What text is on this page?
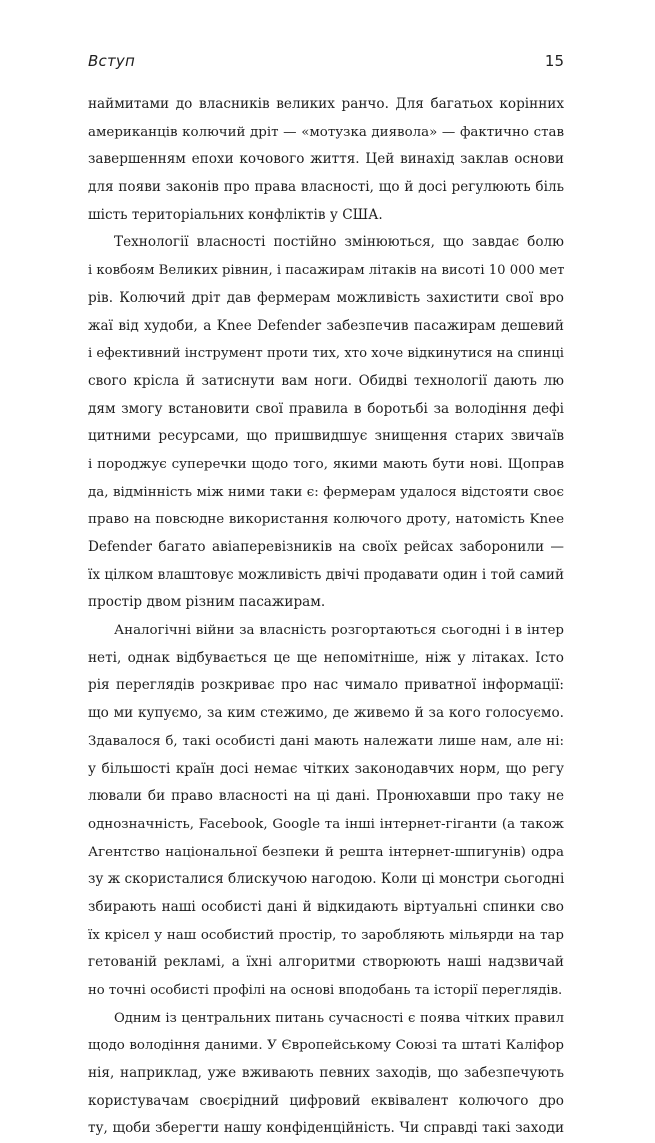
Вступ	15
наймитами до власників великих ранчо. Для багатьох корінних
американців колючий дріт — «мотузка диявола» — фактично став
завершенням епохи кочового життя. Цей винахід заклав основи
для появи законів про права власності, що й досі регулюють біль
шість територіальних конфліктів у США.
Технології власності постійно змінюються, що завдає болю
і ковбоям Великих рівнин, і пасажирам літаків на висоті 10 000 мет
рів. Колючий дріт дав фермерам можливість захистити свої вро
жаї від худоби, а Knee Defender забезпечив пасажирам дешевий
і ефективний інструмент проти тих, хто хоче відкинутися на спинці
свого крісла й затиснути вам ноги. Обидві технології дають лю
дям змогу встановити свої правила в боротьбі за володіння дефі
цитними ресурсами, що пришвидшує знищення старих звичаїв
і породжує суперечки щодо того, якими мають бути нові. Щоправ
да, відмінність між ними таки є: фермерам удалося відстояти своє
право на повсюдне використання колючого дроту, натомість Knee
Defender багато авіаперевізників на своїх рейсах заборонили —
їх цілком влаштовує можливість двічі продавати один і той самий
простір двом різним пасажирам.
Аналогічні війни за власність розгортаються сьогодні і в інтер
неті, однак відбувається це ще непомітніше, ніж у літаках. Істо
рія переглядів розкриває про нас чимало приватної інформації:
що ми купуємо, за ким стежимо, де живемо й за кого голосуємо.
Здавалося б, такі особисті дані мають належати лише нам, але ні:
у більшості країн досі немає чітких законодавчих норм, що регу
лювали би право власності на ці дані. Пронюхавши про таку не
однозначність, Facebook, Google та інші інтернет-гіганти (а також
Агентство національної безпеки й решта інтернет-шпигунів) одра
зу ж скористалися блискучою нагодою. Коли ці монстри сьогодні
збирають наші особисті дані й відкидають віртуальні спинки сво
їх крісел у наш особистий простір, то заробляють мільярди на тар
гетованій рекламі, а їхні алгоритми створюють наші надзвичай
но точні особисті профілі на основі вподобань та історії переглядів.
Одним із центральних питань сучасності є поява чітких правил
щодо володіння даними. У Європейському Союзі та штаті Каліфор
нія, наприклад, уже вживають певних заходів, що забезпечують
користувачам своєрідний цифровий еквівалент колючого дро
ту, щоби зберегти нашу конфіденційність. Чи справді такі заходи
